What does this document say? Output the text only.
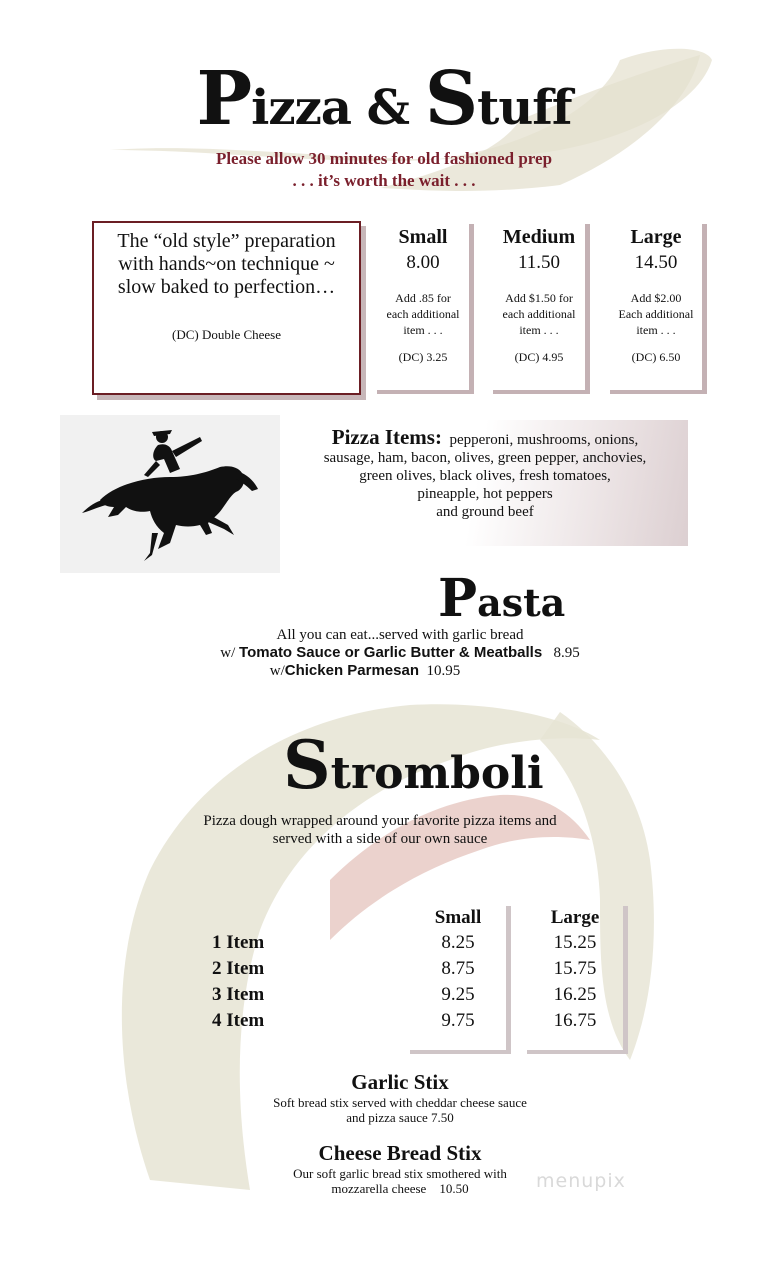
Pizza & Stuff
Please allow 30 minutes for old fashioned prep
. . . it’s worth the wait . . .
The “old style” preparation with hands~on technique ~ slow baked to perfection…
(DC) Double Cheese
Small
8.00
Add .85 for
each additional
item . . .
(DC) 3.25
Medium
11.50
Add $1.50 for
each additional
item . . .
(DC) 4.95
Large
14.50
Add $2.00
Each additional
item . . .
(DC) 6.50
Pizza Items: pepperoni, mushrooms, onions,
sausage, ham, bacon, olives, green pepper, anchovies,
green olives, black olives, fresh tomatoes,
pineapple, hot peppers
and ground beef
Pasta
All you can eat...served with garlic bread
w/ Tomato Sauce or Garlic Butter & Meatballs 8.95
w/Chicken Parmesan 10.95
Stromboli
Pizza dough wrapped around your favorite pizza items and
served with a side of our own sauce
1 Item
2 Item
3 Item
4 Item
Small
8.25
8.75
9.25
9.75
Large
15.25
15.75
16.25
16.75
Garlic Stix
Soft bread stix served with cheddar cheese sauce
and pizza sauce 7.50
Cheese Bread Stix
Our soft garlic bread stix smothered with
mozzarella cheese 10.50	menupix
